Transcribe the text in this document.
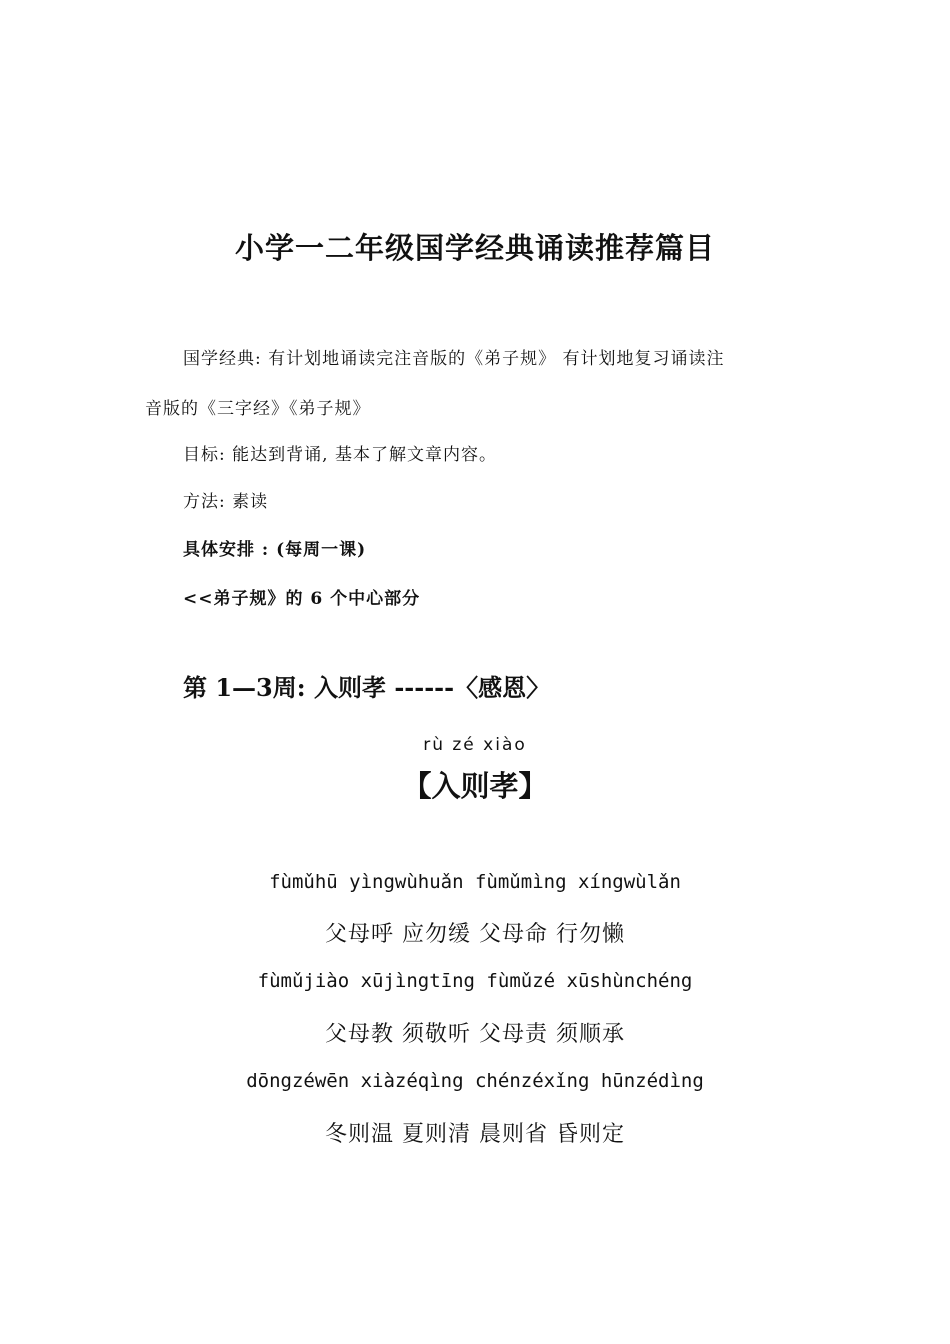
小学一二年级国学经典诵读推荐篇目
国学经典: 有计划地诵读完注音版的《弟子规》 有计划地复习诵读注
音版的《三字经》《弟子规》
目标: 能达到背诵, 基本了解文章内容。
方法: 素读
具体安排 : (每周一课)
<<弟子规》的 6 个中心部分
第 1—3周: 入则孝 ------〈感恩〉
rù zé xiào
【入则孝】
fùmǔhū yìngwùhuǎn fùmǔmìng xíngwùlǎn
父母呼 应勿缓 父母命 行勿懒
fùmǔjiào xūjìngtīng fùmǔzé xūshùnchéng
父母教 须敬听 父母责 须顺承
dōngzéwēn xiàzéqìng chénzéxǐng hūnzédìng
冬则温 夏则清 晨则省 昏则定
